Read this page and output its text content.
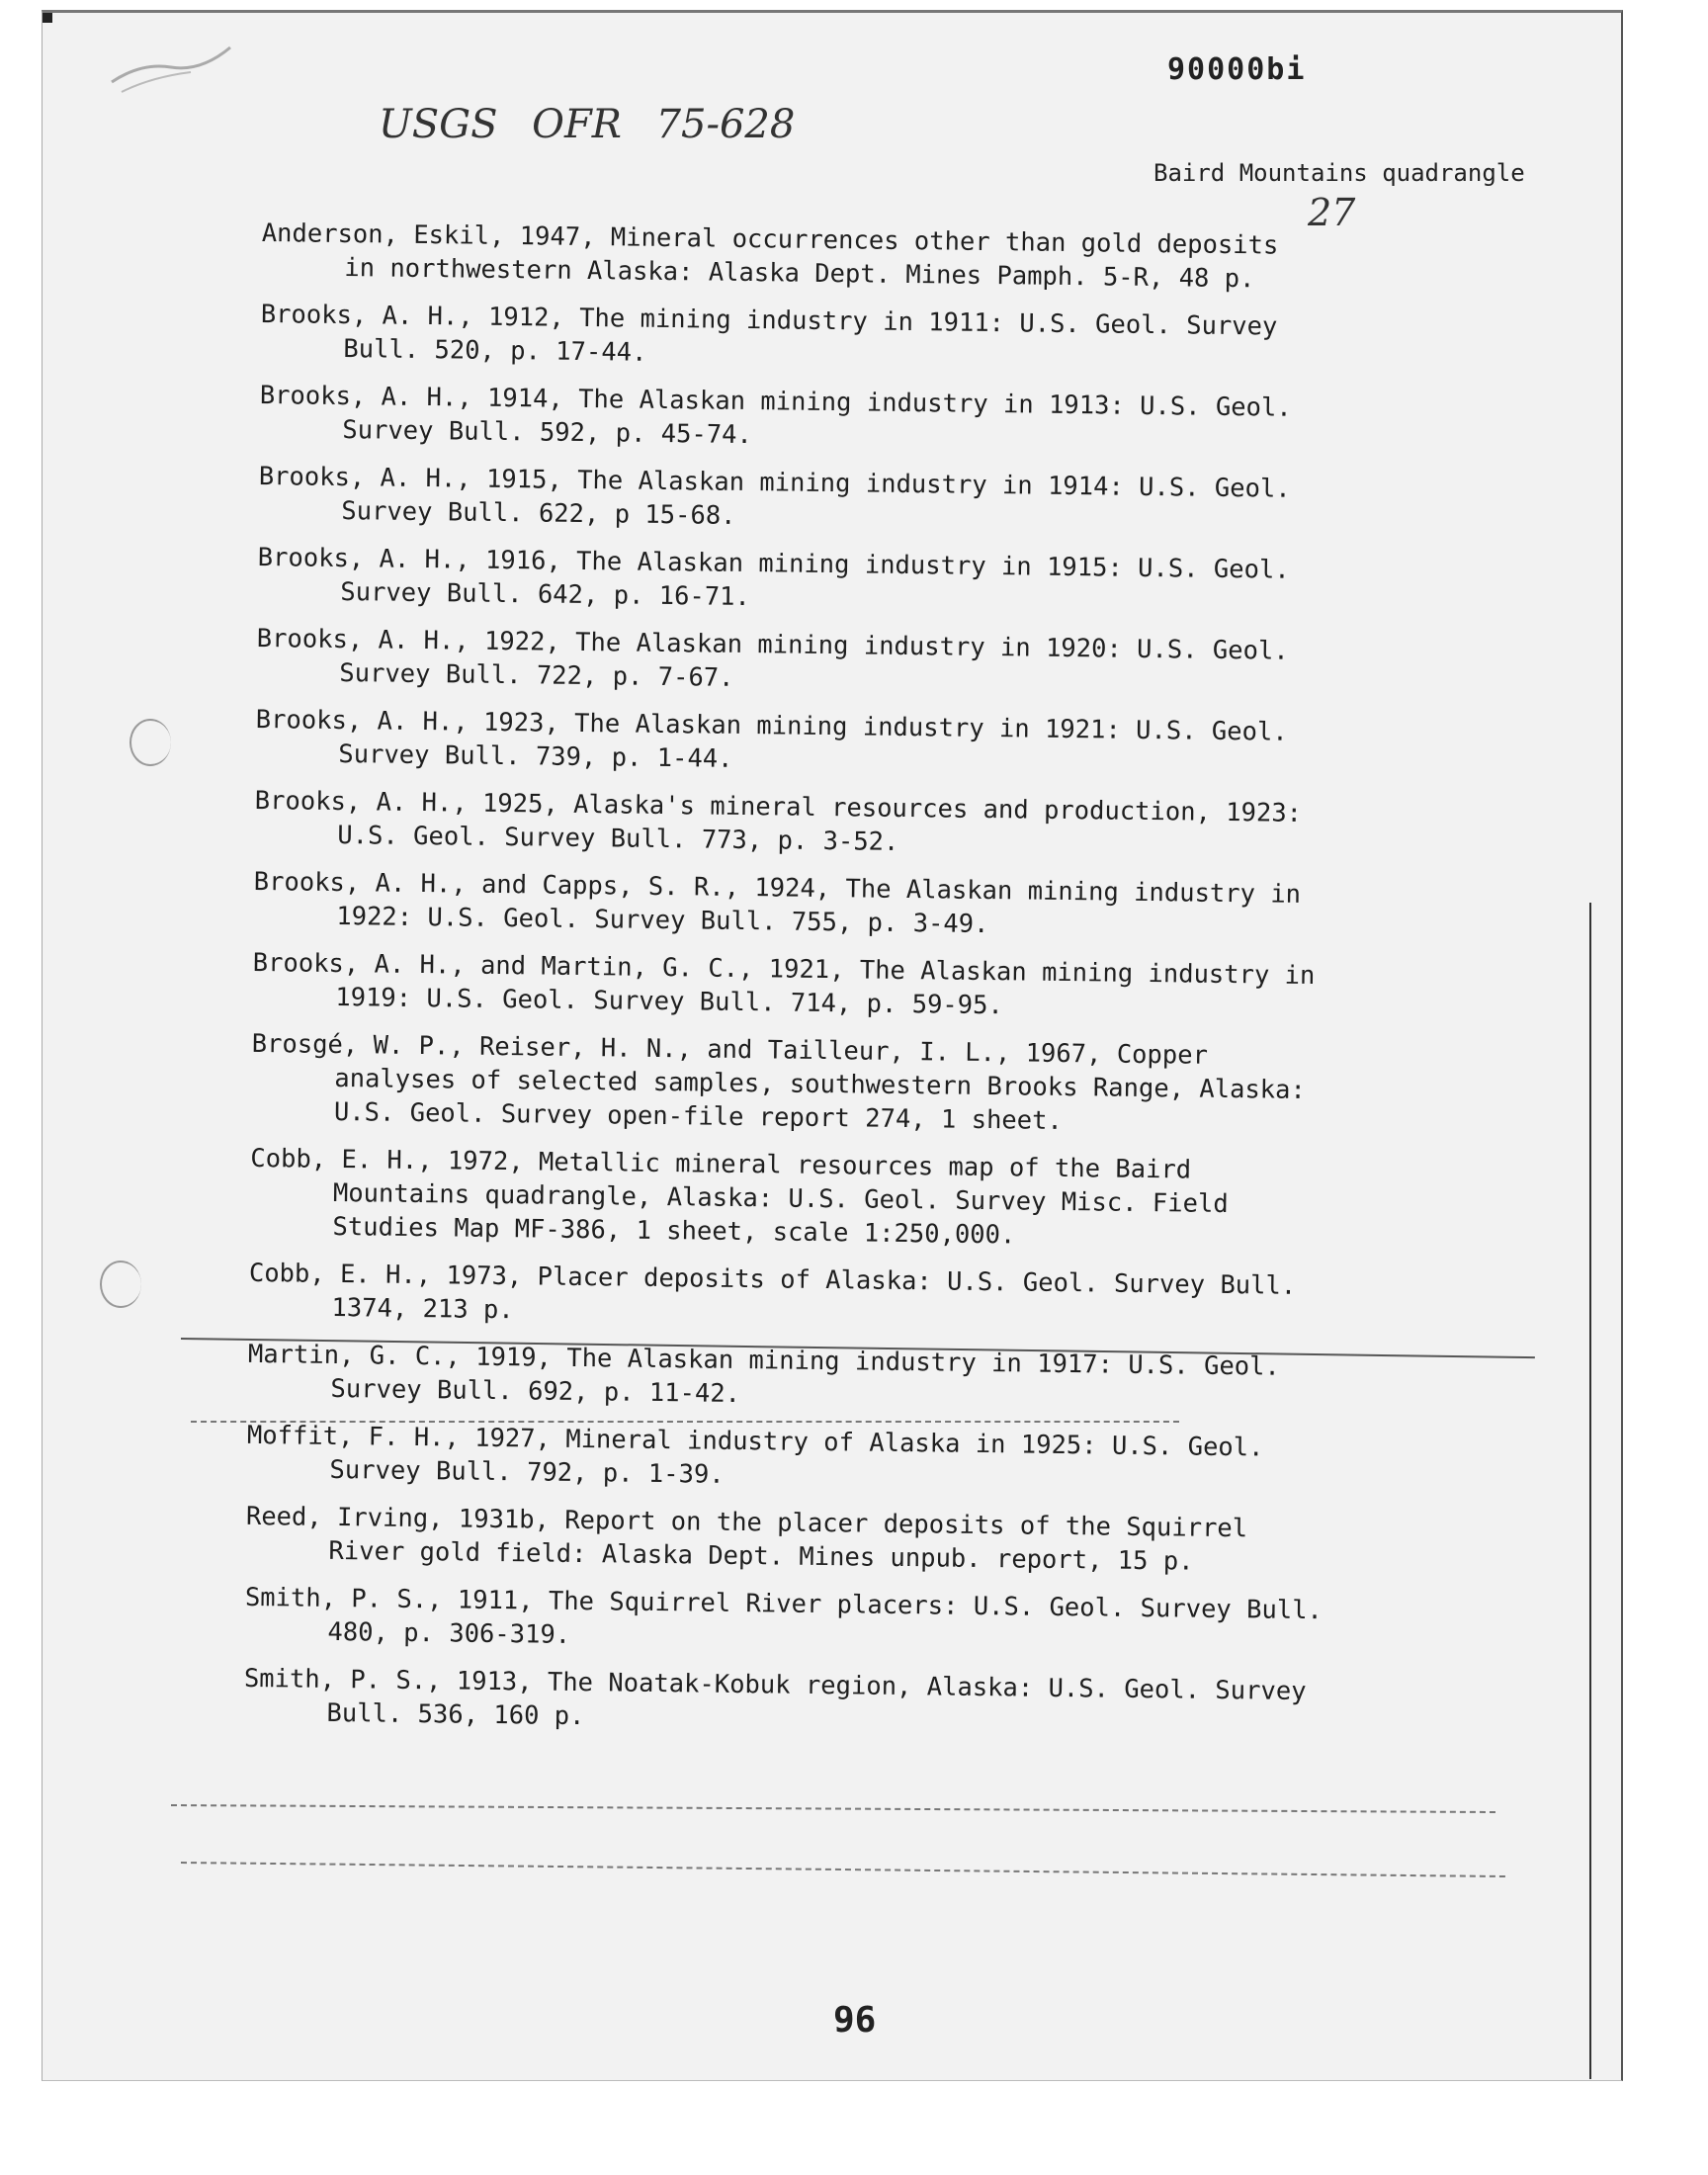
90000bi
USGS OFR 75-628
Baird Mountains quadrangle
27
Anderson, Eskil, 1947, Mineral occurrences other than gold deposits
in northwestern Alaska: Alaska Dept. Mines Pamph. 5-R, 48 p.
Brooks, A. H., 1912, The mining industry in 1911: U.S. Geol. Survey
Bull. 520, p. 17-44.
Brooks, A. H., 1914, The Alaskan mining industry in 1913: U.S. Geol.
Survey Bull. 592, p. 45-74.
Brooks, A. H., 1915, The Alaskan mining industry in 1914: U.S. Geol.
Survey Bull. 622, p 15-68.
Brooks, A. H., 1916, The Alaskan mining industry in 1915: U.S. Geol.
Survey Bull. 642, p. 16-71.
Brooks, A. H., 1922, The Alaskan mining industry in 1920: U.S. Geol.
Survey Bull. 722, p. 7-67.
Brooks, A. H., 1923, The Alaskan mining industry in 1921: U.S. Geol.
Survey Bull. 739, p. 1-44.
Brooks, A. H., 1925, Alaska's mineral resources and production, 1923:
U.S. Geol. Survey Bull. 773, p. 3-52.
Brooks, A. H., and Capps, S. R., 1924, The Alaskan mining industry in
1922: U.S. Geol. Survey Bull. 755, p. 3-49.
Brooks, A. H., and Martin, G. C., 1921, The Alaskan mining industry in
1919: U.S. Geol. Survey Bull. 714, p. 59-95.
Brosgé, W. P., Reiser, H. N., and Tailleur, I. L., 1967, Copper
analyses of selected samples, southwestern Brooks Range, Alaska:
U.S. Geol. Survey open-file report 274, 1 sheet.
Cobb, E. H., 1972, Metallic mineral resources map of the Baird
Mountains quadrangle, Alaska: U.S. Geol. Survey Misc. Field
Studies Map MF-386, 1 sheet, scale 1:250,000.
Cobb, E. H., 1973, Placer deposits of Alaska: U.S. Geol. Survey Bull.
1374, 213 p.
Martin, G. C., 1919, The Alaskan mining industry in 1917: U.S. Geol.
Survey Bull. 692, p. 11-42.
Moffit, F. H., 1927, Mineral industry of Alaska in 1925: U.S. Geol.
Survey Bull. 792, p. 1-39.
Reed, Irving, 1931b, Report on the placer deposits of the Squirrel
River gold field: Alaska Dept. Mines unpub. report, 15 p.
Smith, P. S., 1911, The Squirrel River placers: U.S. Geol. Survey Bull.
480, p. 306-319.
Smith, P. S., 1913, The Noatak-Kobuk region, Alaska: U.S. Geol. Survey
Bull. 536, 160 p.
96
